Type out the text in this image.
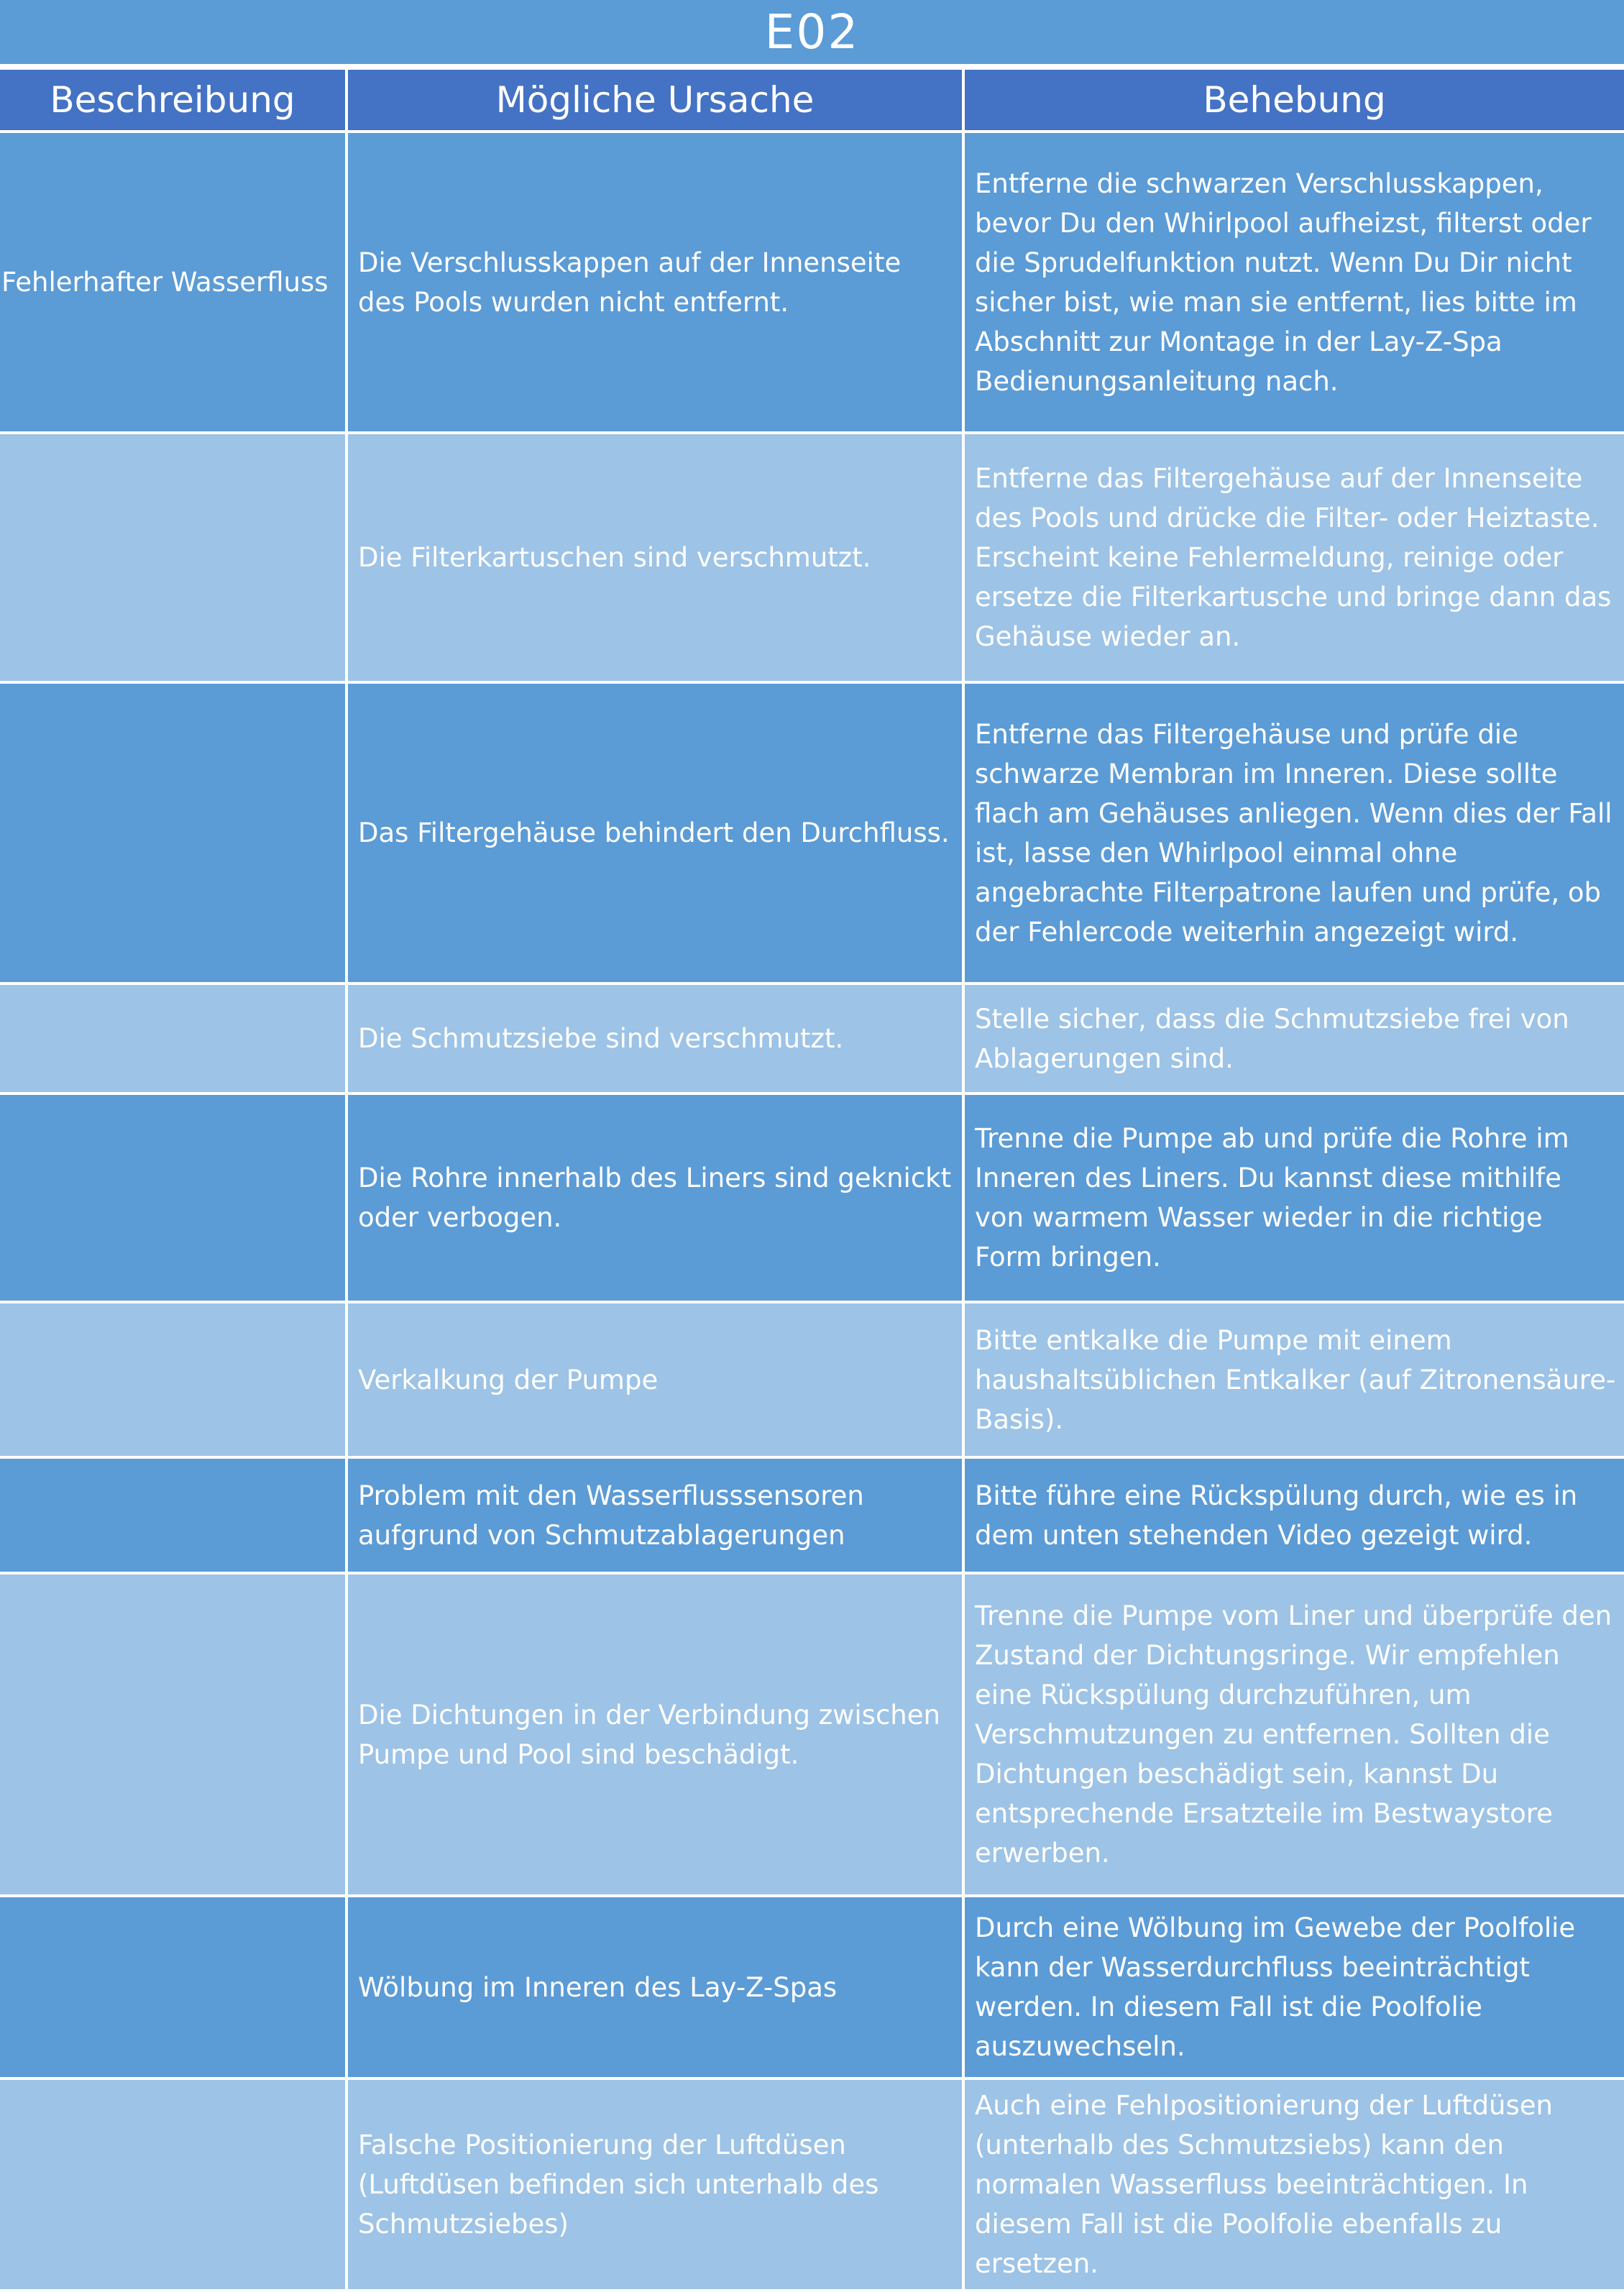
E02
Beschreibung	Mögliche Ursache	Behebung
Fehlerhafter Wasserfluss	Die Verschlusskappen auf der Innenseite des Pools wurden nicht entfernt.	Entferne die schwarzen Verschlusskappen, bevor Du den Whirlpool aufheizst, filterst oder die Sprudelfunktion nutzt. Wenn Du Dir nicht sicher bist, wie man sie entfernt, lies bitte im Abschnitt zur Montage in der Lay-Z-Spa Bedienungsanleitung nach.
	Die Filterkartuschen sind verschmutzt.	Entferne das Filtergehäuse auf der Innenseite des Pools und drücke die Filter- oder Heiztaste. Erscheint keine Fehlermeldung, reinige oder ersetze die Filterkartusche und bringe dann das Gehäuse wieder an.
	Das Filtergehäuse behindert den Durchfluss.	Entferne das Filtergehäuse und prüfe die schwarze Membran im Inneren. Diese sollte flach am Gehäuses anliegen. Wenn dies der Fall ist, lasse den Whirlpool einmal ohne angebrachte Filterpatrone laufen und prüfe, ob der Fehlercode weiterhin angezeigt wird.
	Die Schmutzsiebe sind verschmutzt.	Stelle sicher, dass die Schmutzsiebe frei von Ablagerungen sind.
	Die Rohre innerhalb des Liners sind geknickt oder verbogen.	Trenne die Pumpe ab und prüfe die Rohre im Inneren des Liners. Du kannst diese mithilfe von warmem Wasser wieder in die richtige Form bringen.
	Verkalkung der Pumpe	Bitte entkalke die Pumpe mit einem haushaltsüblichen Entkalker (auf Zitronensäure-Basis).
	Problem mit den Wasserflusssensoren aufgrund von Schmutzablagerungen	Bitte führe eine Rückspülung durch, wie es in dem unten stehenden Video gezeigt wird.
	Die Dichtungen in der Verbindung zwischen Pumpe und Pool sind beschädigt.	Trenne die Pumpe vom Liner und überprüfe den Zustand der Dichtungsringe. Wir empfehlen eine Rückspülung durchzuführen, um Verschmutzungen zu entfernen. Sollten die Dichtungen beschädigt sein, kannst Du entsprechende Ersatzteile im Bestwaystore erwerben.
	Wölbung im Inneren des Lay-Z-Spas	Durch eine Wölbung im Gewebe der Poolfolie kann der Wasserdurchfluss beeinträchtigt werden. In diesem Fall ist die Poolfolie auszuwechseln.
	Falsche Positionierung der Luftdüsen (Luftdüsen befinden sich unterhalb des Schmutzsiebes)	Auch eine Fehlpositionierung der Luftdüsen (unterhalb des Schmutzsiebs) kann den normalen Wasserfluss beeinträchtigen. In diesem Fall ist die Poolfolie ebenfalls zu ersetzen.
